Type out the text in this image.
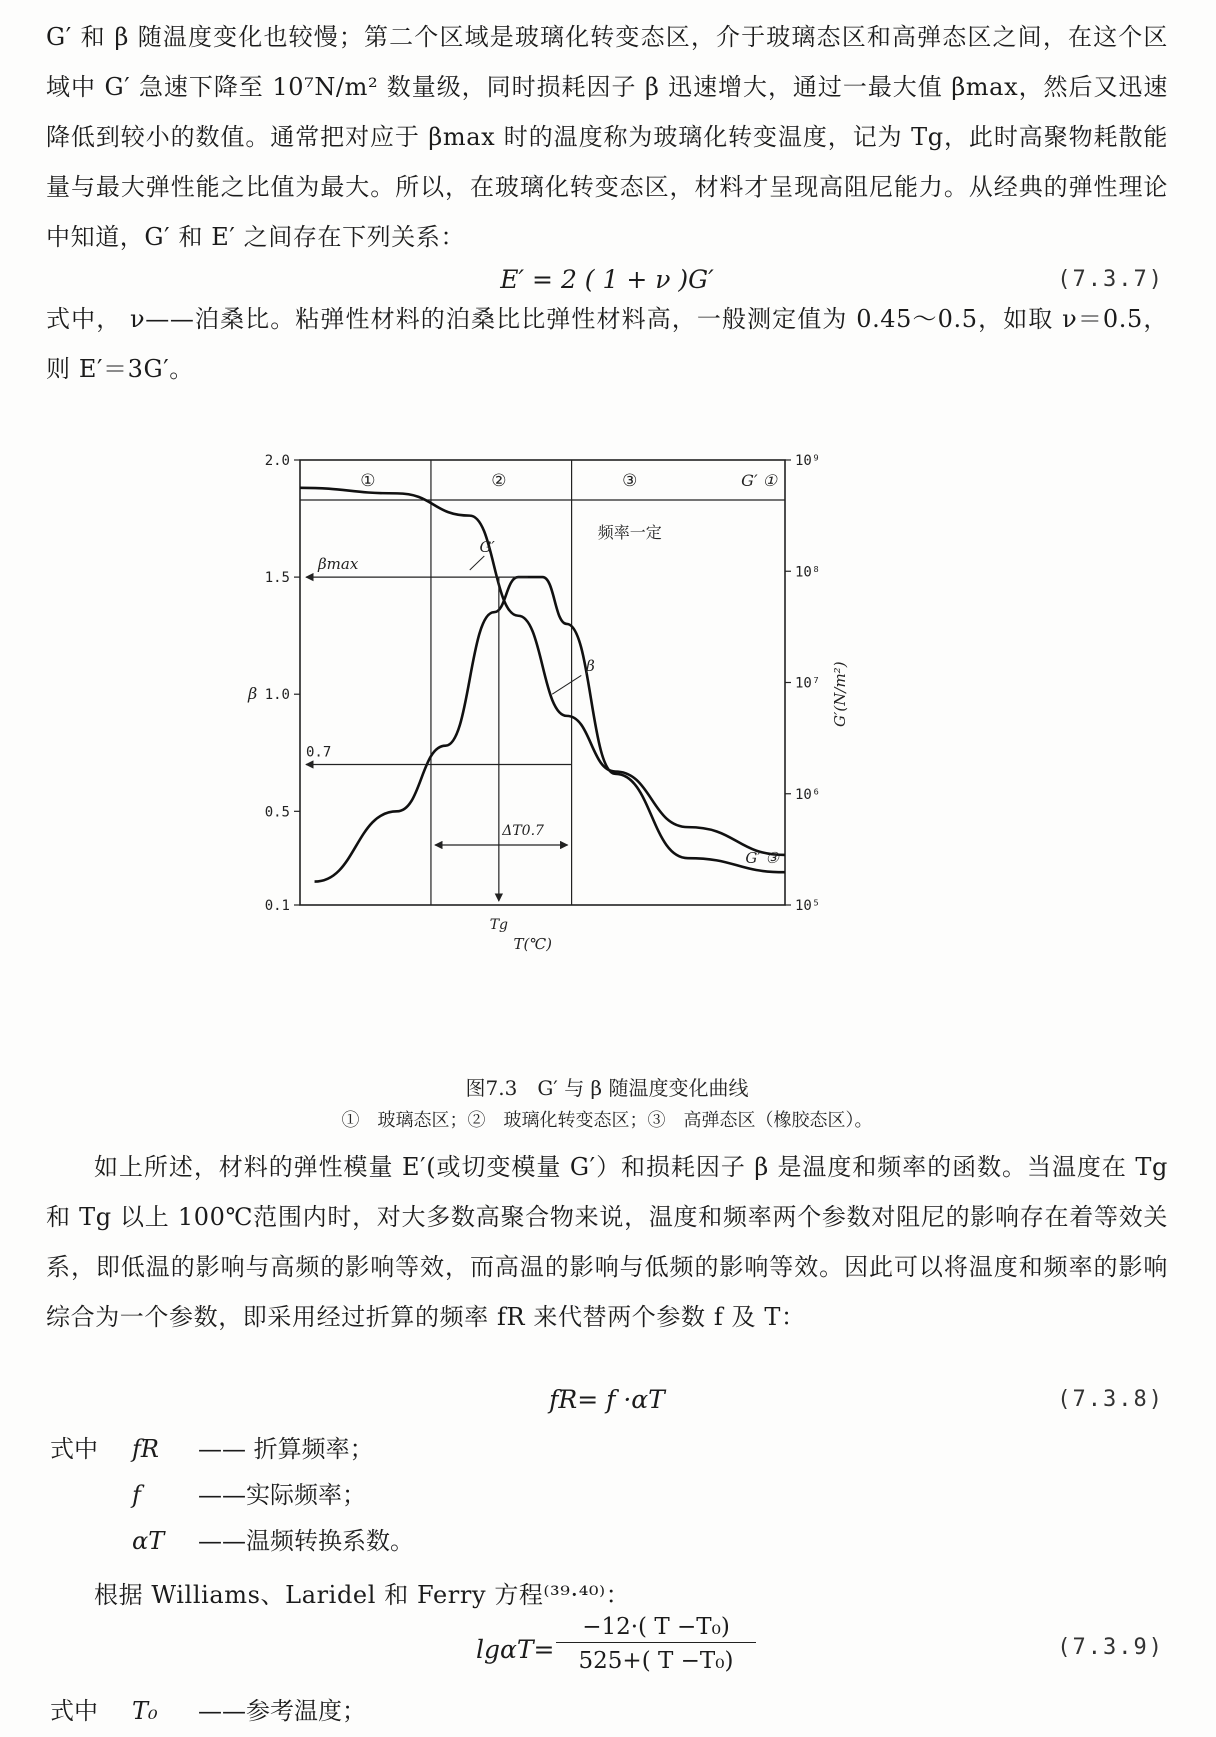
G′ 和 β 随温度变化也较慢；第二个区域是玻璃化转变态区，介于玻璃态区和高弹态区之间，在这个区域中 G′ 急速下降至 10⁷N/m² 数量级，同时损耗因子 β 迅速增大，通过一最大值 βmax，然后又迅速降低到较小的数值。通常把对应于 βmax 时的温度称为玻璃化转变温度，记为 Tg，此时高聚物耗散能量与最大弹性能之比值为最大。所以，在玻璃化转变态区，材料才呈现高阻尼能力。从经典的弹性理论中知道，G′ 和 E′ 之间存在下列关系：

E′ = 2 ( 1 + ν )G′	(7.3.7)

式中， ν——泊桑比。粘弹性材料的泊桑比比弹性材料高，一般测定值为 0.45～0.5，如取 ν＝0.5，则 E′＝3G′。

①	②	③	G′ ①
2.0
1.5
1.0
0.5
0.1
10⁹
10⁸
10⁷
10⁶
10⁵
β	G′(N/m²)
T(℃)
βmax
0.7
Tg
ΔT0.7
频率一定
G′
β
G′ ③

图7.3　G′ 与 β 随温度变化曲线

①　玻璃态区；②　玻璃化转变态区；③　高弹态区（橡胶态区）。

如上所述，材料的弹性模量 E′(或切变模量 G′）和损耗因子 β 是温度和频率的函数。当温度在 Tg 和 Tg 以上 100℃范围内时，对大多数高聚合物来说，温度和频率两个参数对阻尼的影响存在着等效关系，即低温的影响与高频的影响等效，而高温的影响与低频的影响等效。因此可以将温度和频率的影响综合为一个参数，即采用经过折算的频率 fR 来代替两个参数 f 及 T：

fR= f ·αT	(7.3.8)
式中	fR	—— 折算频率；
f	——实际频率；
αT	——温频转换系数。

根据 Williams、Laridel 和 Ferry 方程⁽³⁹·⁴⁰⁾：

lgαT=
−12·( T −T₀)
525+( T −T₀)
(7.3.9)
式中	T₀	——参考温度；
